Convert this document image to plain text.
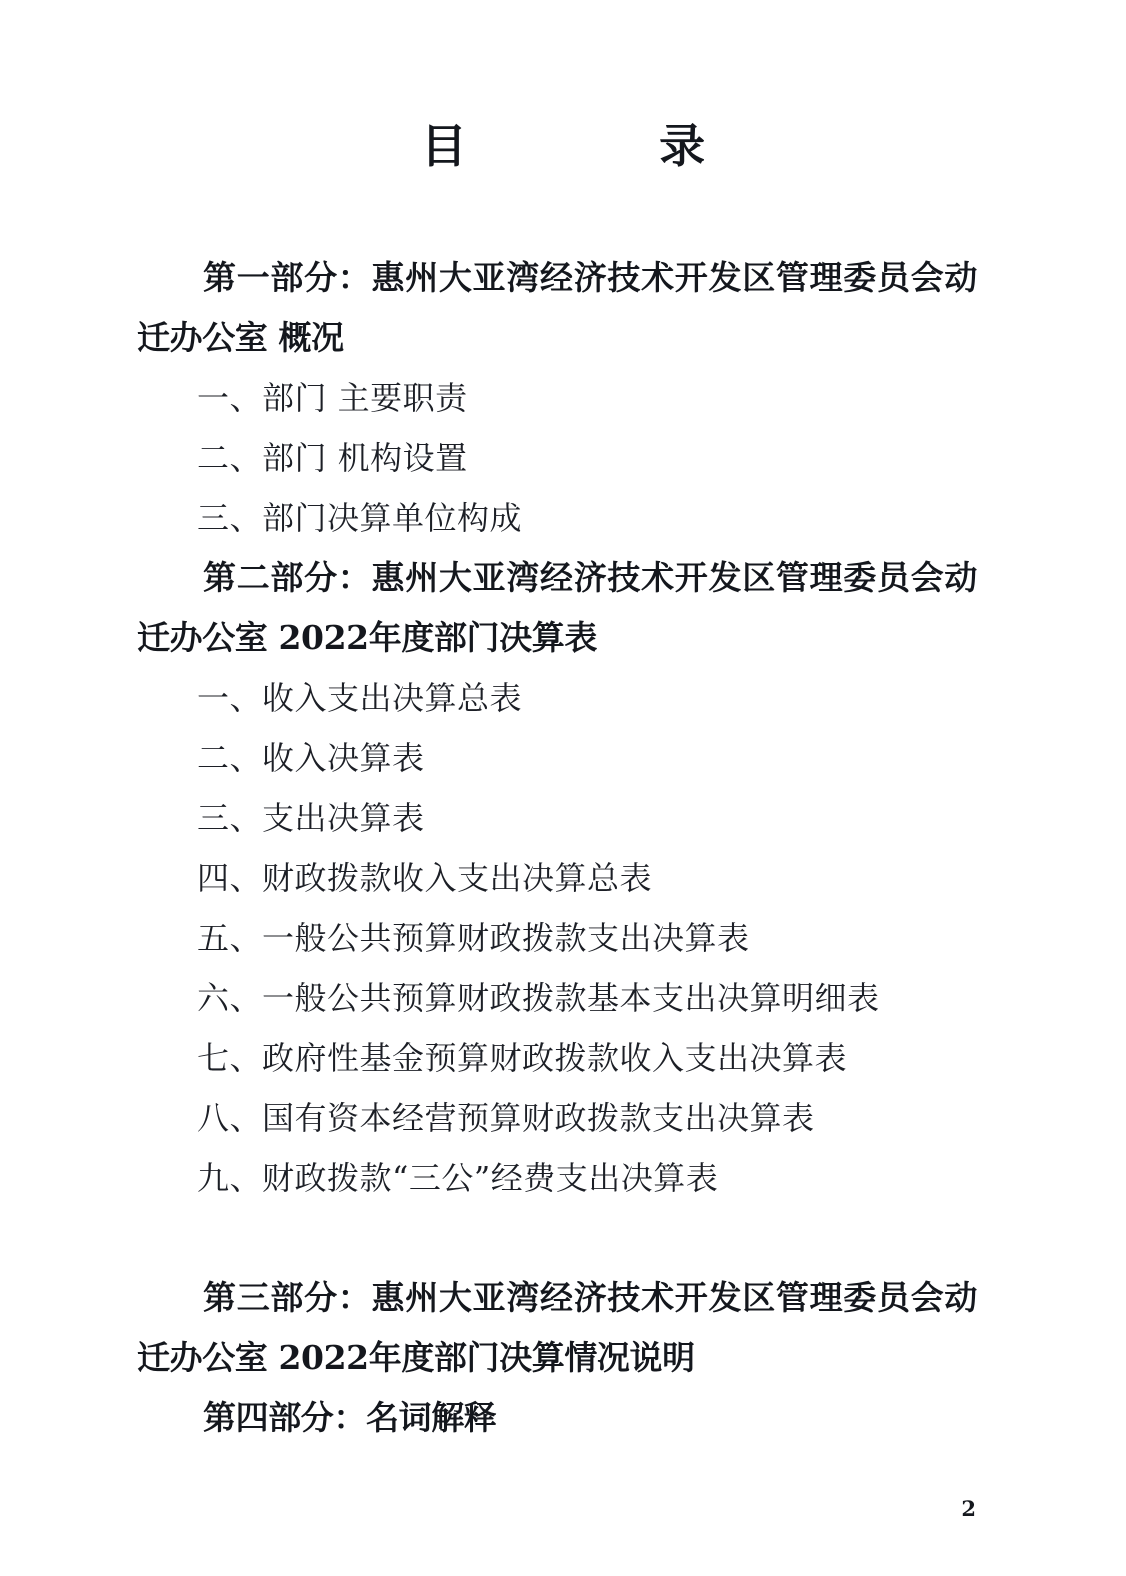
目            录

第一部分：惠州大亚湾经济技术开发区管理委员会动迁办公室 概况

一、部门 主要职责

二、部门 机构设置

三、部门决算单位构成

第二部分：惠州大亚湾经济技术开发区管理委员会动迁办公室 2022年度部门决算表

一、收入支出决算总表

二、收入决算表

三、支出决算表

四、财政拨款收入支出决算总表

五、一般公共预算财政拨款支出决算表

六、一般公共预算财政拨款基本支出决算明细表

七、政府性基金预算财政拨款收入支出决算表

八、国有资本经营预算财政拨款支出决算表

九、财政拨款“三公”经费支出决算表

第三部分：惠州大亚湾经济技术开发区管理委员会动迁办公室 2022年度部门决算情况说明

第四部分：名词解释

2
